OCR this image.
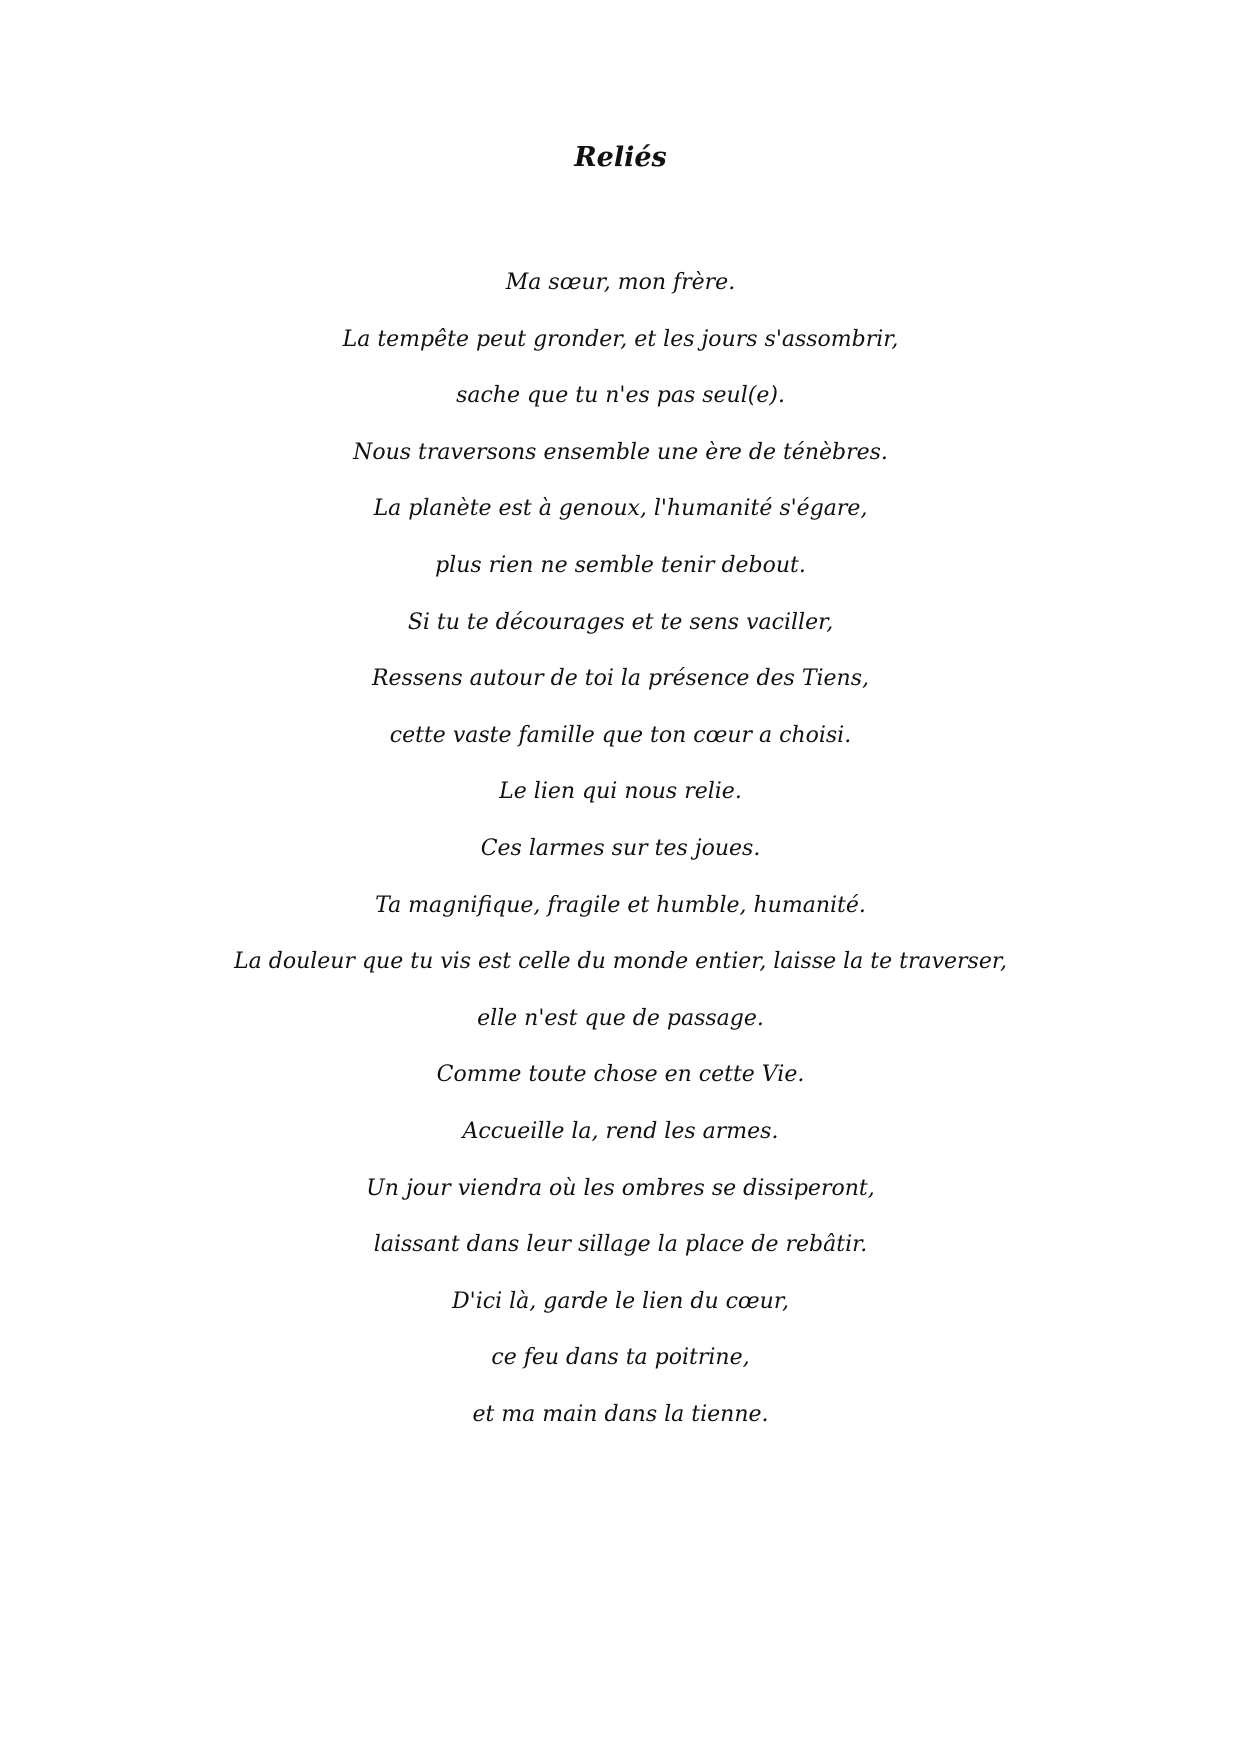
Reliés
Ma sœur, mon frère.
La tempête peut gronder, et les jours s'assombrir,
sache que tu n'es pas seul(e).
Nous traversons ensemble une ère de ténèbres.
La planète est à genoux, l'humanité s'égare,
plus rien ne semble tenir debout.
Si tu te décourages et te sens vaciller,
Ressens autour de toi la présence des Tiens,
cette vaste famille que ton cœur a choisi.
Le lien qui nous relie.
Ces larmes sur tes joues.
Ta magnifique, fragile et humble, humanité.
La douleur que tu vis est celle du monde entier, laisse la te traverser,
elle n'est que de passage.
Comme toute chose en cette Vie.
Accueille la, rend les armes.
Un jour viendra où les ombres se dissiperont,
laissant dans leur sillage la place de rebâtir.
D'ici là, garde le lien du cœur,
ce feu dans ta poitrine,
et ma main dans la tienne.
